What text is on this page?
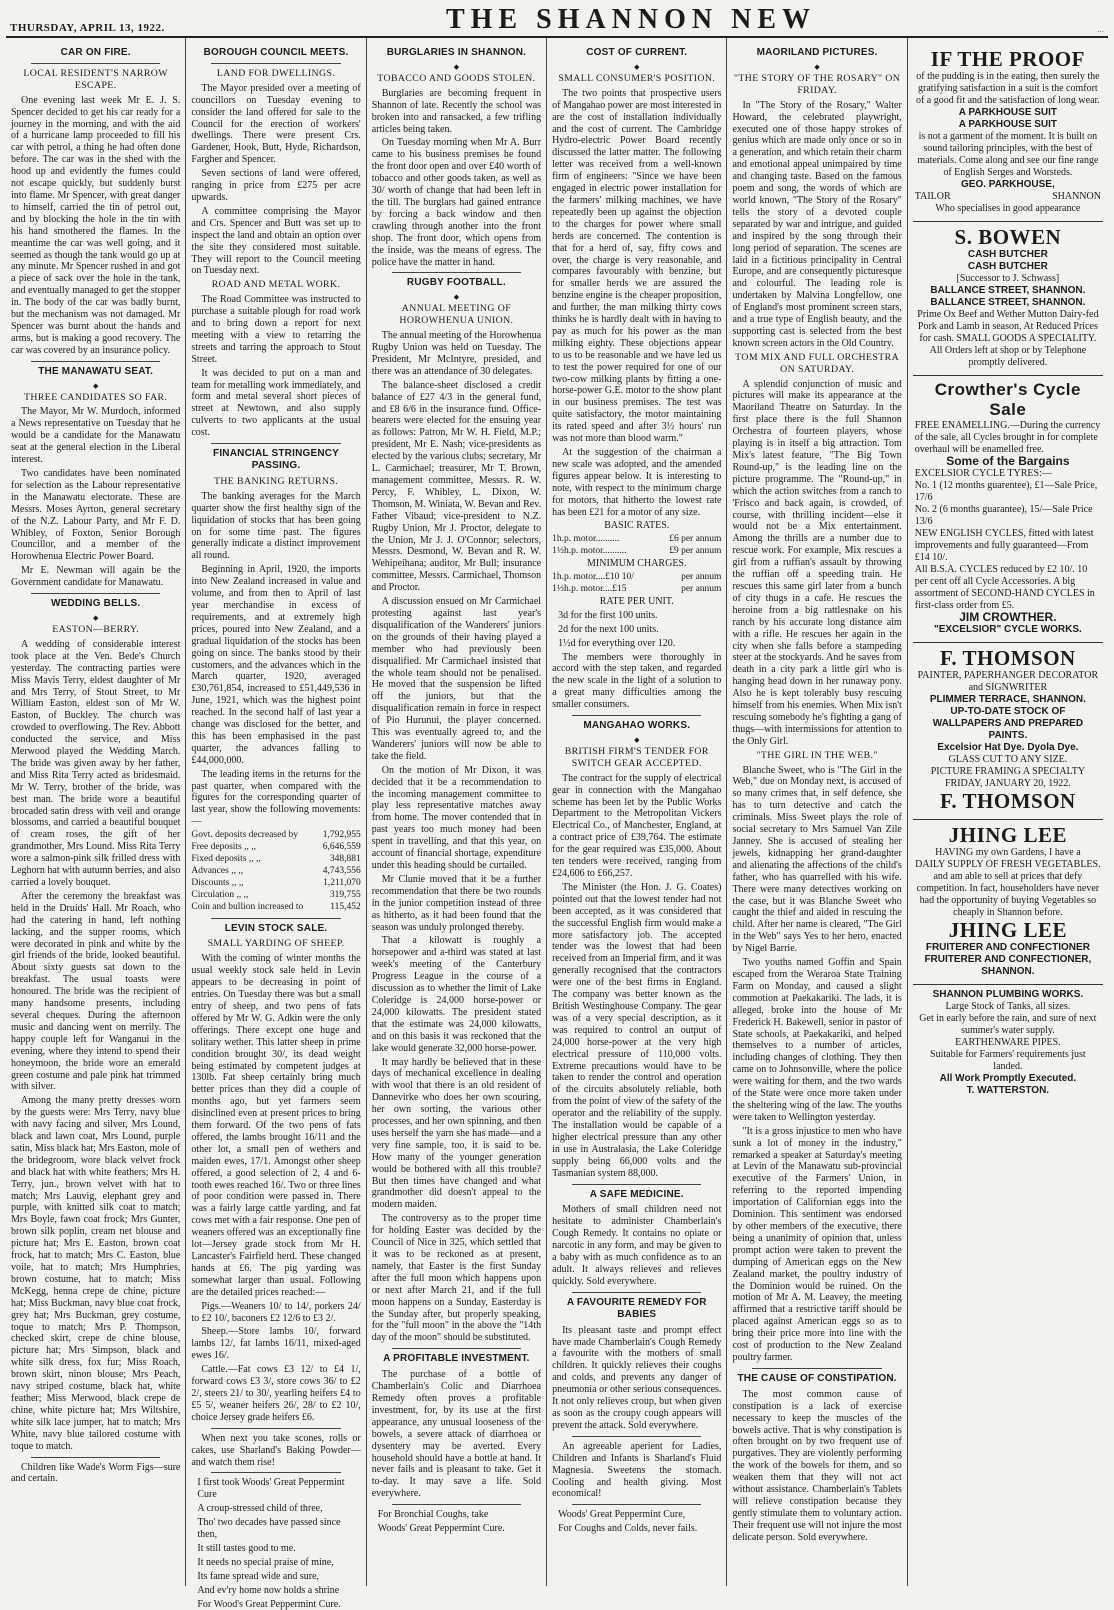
THURSDAY, APRIL 13, 1922.	THE SHANNON NEW	...
CAR ON FIRE.
LOCAL RESIDENT'S NARROW ESCAPE.

One evening last week Mr E. J. S. Spencer decided to get his car ready for a journey in the morning, and with the aid of a hurricane lamp proceeded to fill his car with petrol, a thing he had often done before. The car was in the shed with the hood up and evidently the fumes could not escape quickly, but suddenly burst into flame. Mr Spencer, with great danger to himself, carried the tin of petrol out, and by blocking the hole in the tin with his hand smothered the flames. In the meantime the car was well going, and it seemed as though the tank would go up at any minute. Mr Spencer rushed in and got a piece of sack over the hole in the tank, and eventually managed to get the stopper in. The body of the car was badly burnt, but the mechanism was not damaged. Mr Spencer was burnt about the hands and arms, but is making a good recovery. The car was covered by an insurance policy.

THE MANAWATU SEAT.
◆
THREE CANDIDATES SO FAR.

The Mayor, Mr W. Murdoch, informed a News representative on Tuesday that he would be a candidate for the Manawatu seat at the general election in the Liberal interest.

Two candidates have been nominated for selection as the Labour representative in the Manawatu electorate. These are Messrs. Moses Ayrton, general secretary of the N.Z. Labour Party, and Mr F. D. Whibley, of Foxton, Senior Borough Councillor, and a member of the Horowhenua Electric Power Board.

Mr E. Newman will again be the Government candidate for Manawatu.

WEDDING BELLS.
◆
EASTON—BERRY.

A wedding of considerable interest took place at the Ven. Bede's Church yesterday. The contracting parties were Miss Mavis Terry, eldest daughter of Mr and Mrs Terry, of Stout Street, to Mr William Easton, eldest son of Mr W. Easton, of Buckley. The church was crowded to overflowing. The Rev. Abbott conducted the service, and Miss Merwood played the Wedding March. The bride was given away by her father, and Miss Rita Terry acted as bridesmaid. Mr W. Terry, brother of the bride, was best man. The bride wore a beautiful brocaded satin dress with veil and orange blossoms, and carried a beautiful bouquet of cream roses, the gift of her grandmother, Mrs Lound. Miss Rita Terry wore a salmon-pink silk frilled dress with Leghorn hat with autumn berries, and also carried a lovely bouquet.

After the ceremony the breakfast was held in the Druids' Hall. Mr Roach, who had the catering in hand, left nothing lacking, and the supper rooms, which were decorated in pink and white by the girl friends of the bride, looked beautiful. About sixty guests sat down to the breakfast. The usual toasts were honoured. The bride was the recipient of many handsome presents, including several cheques. During the afternoon music and dancing went on merrily. The happy couple left for Wanganui in the evening, where they intend to spend their honeymoon, the bride wore an emerald green costume and pale pink hat trimmed with silver.

Among the many pretty dresses worn by the guests were: Mrs Terry, navy blue with navy facing and silver, Mrs Lound, black and lawn coat, Mrs Lound, purple satin, Miss black hat; Mrs Easton, mole of the bridegroom, wore black velvet frock and black hat with white feathers; Mrs H. Terry, jun., brown velvet with hat to match; Mrs Lauvig, elephant grey and purple, with knitted silk coat to match; Mrs Boyle, fawn coat frock; Mrs Gunter, brown silk poplin, cream net blouse and picture hat; Mrs E. Easton, brown coat frock, hat to match; Mrs C. Easton, blue voile, hat to match; Mrs Humphries, brown costume, hat to match; Miss McKegg, henna crepe de chine, picture hat; Miss Buckman, navy blue coat frock, grey hat; Mrs Buckman, grey costume, toque to match; Mrs P. Thompson, checked skirt, crepe de chine blouse, picture hat; Mrs Simpson, black and white silk dress, fox fur; Miss Roach, brown skirt, ninon blouse; Mrs Peach, navy striped costume, black hat, white feather; Miss Merwood, black crepe de chine, white picture hat; Mrs Wiltshire, white silk lace jumper, hat to match; Mrs White, navy blue tailored costume with toque to match.

Children like Wade's Worm Figs—sure and certain.

BOROUGH COUNCIL MEETS.
LAND FOR DWELLINGS.

The Mayor presided over a meeting of councillors on Tuesday evening to consider the land offered for sale to the Council for the erection of workers' dwellings. There were present Crs. Gardener, Hook, Butt, Hyde, Richardson, Fargher and Spencer.

Seven sections of land were offered, ranging in price from £275 per acre upwards.

A committee comprising the Mayor and Crs. Spencer and Butt was set up to inspect the land and obtain an option over the site they considered most suitable. They will report to the Council meeting on Tuesday next.

ROAD AND METAL WORK.

The Road Committee was instructed to purchase a suitable plough for road work and to bring down a report for next meeting with a view to retarring the streets and tarring the approach to Stout Street.

It was decided to put on a man and team for metalling work immediately, and form and metal several short pieces of street at Newtown, and also supply culverts to two applicants at the usual cost.

FINANCIAL STRINGENCY PASSING.
THE BANKING RETURNS.

The banking averages for the March quarter show the first healthy sign of the liquidation of stocks that has been going on for some time past. The figures generally indicate a distinct improvement all round.

Beginning in April, 1920, the imports into New Zealand increased in value and volume, and from then to April of last year merchandise in excess of requirements, and at extremely high prices, poured into New Zealand, and a gradual liquidation of the stocks has been going on since. The banks stood by their customers, and the advances which in the March quarter, 1920, averaged £30,761,854, increased to £51,449,536 in June, 1921, which was the highest point reached. In the second half of last year a change was disclosed for the better, and this has been emphasised in the past quarter, the advances falling to £44,000,000.

The leading items in the returns for the past quarter, when compared with the figures for the corresponding quarter of last year, show the following movements:—

Govt. deposits decreased by	1,792,955
Free deposits ,, ,,	6,646,559
Fixed deposits ,, ,,	348,881
Advances ,, ,,	4,743,556
Discounts ,, ,,	1,211,070
Circulation ,, ,,	319,755
Coin and bullion increased to	115,452
LEVIN STOCK SALE.
SMALL YARDING OF SHEEP.

With the coming of winter months the usual weekly stock sale held in Levin appears to be decreasing in point of entries. On Tuesday there was but a small entry of sheep, and two pens of fats offered by Mr W. G. Adkin were the only offerings. There except one huge and solitary wether. This latter sheep in prime condition brought 30/, its dead weight being estimated by competent judges at 130lb. Fat sheep certainly bring much better prices than they did a couple of months ago, but yet farmers seem disinclined even at present prices to bring them forward. Of the two pens of fats offered, the lambs brought 16/11 and the other lot, a small pen of wethers and maiden ewes, 17/1. Amongst other sheep offered, a good selection of 2, 4 and 6-tooth ewes reached 16/. Two or three lines of poor condition were passed in. There was a fairly large cattle yarding, and fat cows met with a fair response. One pen of weaners offered was an exceptionally fine lot—Jersey grade stock from Mr H. Lancaster's Fairfield herd. These changed hands at £6. The pig yarding was somewhat larger than usual. Following are the detailed prices reached:—

Pigs.—Weaners 10/ to 14/, porkers 24/ to £2 10/, baconers £2 12/6 to £3 2/.

Sheep.—Store lambs 10/, forward lambs 12/, fat lambs 16/11, mixed-aged ewes 16/.

Cattle.—Fat cows £3 12/ to £4 1/, forward cows £3 3/, store cows 36/ to £2 2/, steers 21/ to 30/, yearling heifers £4 to £5 5/, weaner heifers 26/, 28/ to £2 10/, choice Jersey grade heifers £6.

When next you take scones, rolls or cakes, use Sharland's Baking Powder—and watch them rise!

I first took Woods' Great Peppermint Cure

A croup-stressed child of three,

Tho' two decades have passed since then,

It still tastes good to me.

It needs no special praise of mine,

Its fame spread wide and sure,

And ev'ry home now holds a shrine

For Wood's Great Peppermint Cure.

BURGLARIES IN SHANNON.
◆
TOBACCO AND GOODS STOLEN.

Burglaries are becoming frequent in Shannon of late. Recently the school was broken into and ransacked, a few trifling articles being taken.

On Tuesday morning when Mr A. Burr came to his business premises he found the front door open and over £40 worth of tobacco and other goods taken, as well as 30/ worth of change that had been left in the till. The burglars had gained entrance by forcing a back window and then crawling through another into the front shop. The front door, which opens from the inside, was the means of egress. The police have the matter in hand.

RUGBY FOOTBALL.
◆
ANNUAL MEETING OF HOROWHENUA UNION.

The annual meeting of the Horowhenua Rugby Union was held on Tuesday. The President, Mr McIntyre, presided, and there was an attendance of 30 delegates.

The balance-sheet disclosed a credit balance of £27 4/3 in the general fund, and £8 6/6 in the insurance fund. Office-bearers were elected for the ensuing year as follows: Patron, Mr W. H. Field, M.P.; president, Mr E. Nash; vice-presidents as elected by the various clubs; secretary, Mr L. Carmichael; treasurer, Mr T. Brown, management committee, Messrs. R. W. Percy, F. Whibley, L. Dixon, W. Thomson, M. Winiata, W. Bevan and Rev. Father Vibaud; vice-president to N.Z. Rugby Union, Mr J. Proctor, delegate to the Union, Mr J. J. O'Connor; selectors, Messrs. Desmond, W. Bevan and R. W. Wehipeihana; auditor, Mr Bull; insurance committee, Messrs. Carmichael, Thomson and Proctor.

A discussion ensued on Mr Carmichael protesting against last year's disqualification of the Wanderers' juniors on the grounds of their having played a member who had previously been disqualified. Mr Carmichael insisted that the whole team should not be penalised. He moved that the suspension be lifted off the juniors, but that the disqualification remain in force in respect of Pio Hurunui, the player concerned. This was eventually agreed to, and the Wanderers' juniors will now be able to take the field.

On the motion of Mr Dixon, it was decided that it be a recommendation to the incoming management committee to play less representative matches away from home. The mover contended that in past years too much money had been spent in travelling, and that this year, on account of financial shortage, expenditure under this heading should be curtailed.

Mr Clunie moved that it be a further recommendation that there be two rounds in the junior competition instead of three as hitherto, as it had been found that the season was unduly prolonged thereby.

That a kilowatt is roughly a horsepower and a-third was stated at last week's meeting of the Canterbury Progress League in the course of a discussion as to whether the limit of Lake Coleridge is 24,000 horse-power or 24,000 kilowatts. The president stated that the estimate was 24,000 kilowatts, and on this basis it was reckoned that the lake would generate 32,000 horse-power.

It may hardly be believed that in these days of mechanical excellence in dealing with wool that there is an old resident of Dannevirke who does her own scouring, her own sorting, the various other processes, and her own spinning, and then uses herself the yarn she has made—and a very fine sample, too, it is said to be. How many of the younger generation would be bothered with all this trouble? But then times have changed and what grandmother did doesn't appeal to the modern maiden.

The controversy as to the proper time for holding Easter was decided by the Council of Nice in 325, which settled that it was to be reckoned as at present, namely, that Easter is the first Sunday after the full moon which happens upon or next after March 21, and if the full moon happens on a Sunday, Easterday is the Sunday after, but properly speaking, for the "full moon" in the above the "14th day of the moon" should be substituted.

A PROFITABLE INVESTMENT.

The purchase of a bottle of Chamberlain's Colic and Diarrhoea Remedy often proves a profitable investment, for, by its use at the first appearance, any unusual looseness of the bowels, a severe attack of diarrhoea or dysentery may be averted. Every household should have a bottle at hand. It never fails and is pleasant to take. Get it to-day. It may save a life. Sold everywhere.

For Bronchial Coughs, take

Woods' Great Peppermint Cure.

COST OF CURRENT.
◆
SMALL CONSUMER'S POSITION.

The two points that prospective users of Mangahao power are most interested in are the cost of installation individually and the cost of current. The Cambridge Hydro-electric Power Board recently discussed the latter matter. The following letter was received from a well-known firm of engineers: "Since we have been engaged in electric power installation for the farmers' milking machines, we have repeatedly been up against the objection to the charges for power where small herds are concerned. The contention is that for a herd of, say, fifty cows and over, the charge is very reasonable, and compares favourably with benzine, but for smaller herds we are assured the benzine engine is the cheaper proposition, and further, the man milking thirty cows thinks he is hardly dealt with in having to pay as much for his power as the man milking eighty. These objections appear to us to be reasonable and we have led us to test the power required for one of our two-cow milking plants by fitting a one-horse-power G.E. motor to the show plant in our business premises. The test was quite satisfactory, the motor maintaining its rated speed and after 3½ hours' run was not more than blood warm."

At the suggestion of the chairman a new scale was adopted, and the amended figures appear below. It is interesting to note, with respect to the minimum charge for motors, that hitherto the lowest rate has been £21 for a motor of any size.

BASIC RATES.

1h.p. motor..........	£6 per annum
1½h.p. motor..........	£9 per annum

MINIMUM CHARGES.

1h.p. motor....£10 10/	per annum
1½h.p. motor....£15	per annum

RATE PER UNIT.

3d for the first 100 units.

2d for the next 100 units.

1½d for everything over 120.

The members were thoroughly in accord with the step taken, and regarded the new scale in the light of a solution to a great many difficulties among the smaller consumers.

MANGAHAO WORKS.
◆
BRITISH FIRM'S TENDER FOR SWITCH GEAR ACCEPTED.

The contract for the supply of electrical gear in connection with the Mangahao scheme has been let by the Public Works Department to the Metropolitan Vickers Electrical Co., of Manchester, England, at a contract price of £39,764. The estimate for the gear required was £35,000. About ten tenders were received, ranging from £24,606 to £66,257.

The Minister (the Hon. J. G. Coates) pointed out that the lowest tender had not been accepted, as it was considered that the successful English firm would make a more satisfactory job. The accepted tender was the lowest that had been received from an Imperial firm, and it was generally recognised that the contractors were one of the best firms in England. The company was better known as the British Westinghouse Company. The gear was of a very special description, as it was required to control an output of 24,000 horse-power at the very high electrical pressure of 110,000 volts. Extreme precautions would have to be taken to render the control and operation of the circuits absolutely reliable, both from the point of view of the safety of the operator and the reliability of the supply. The installation would be capable of a higher electrical pressure than any other in use in Australasia, the Lake Coleridge supply being 66,000 volts and the Tasmanian system 88,000.

A SAFE MEDICINE.

Mothers of small children need not hesitate to administer Chamberlain's Cough Remedy. It contains no opiate or narcotic in any form, and may be given to a baby with as much confidence as to an adult. It always relieves and relieves quickly. Sold everywhere.

A FAVOURITE REMEDY FOR BABIES

Its pleasant taste and prompt effect have made Chamberlain's Cough Remedy a favourite with the mothers of small children. It quickly relieves their coughs and colds, and prevents any danger of pneumonia or other serious consequences. It not only relieves croup, but when given as soon as the croupy cough appears will prevent the attack. Sold everywhere.

An agreeable aperient for Ladies, Children and Infants is Sharland's Fluid Magnesia. Sweetens the stomach. Cooling and health giving. Most economical!

Woods' Great Peppermint Cure,

For Coughs and Colds, never fails.

MAORILAND PICTURES.
◆
"THE STORY OF THE ROSARY" ON FRIDAY.

In "The Story of the Rosary," Walter Howard, the celebrated playwright, executed one of those happy strokes of genius which are made only once or so in a generation, and which retain their charm and emotional appeal unimpaired by time and changing taste. Based on the famous poem and song, the words of which are world known, "The Story of the Rosary" tells the story of a devoted couple separated by war and intrigue, and guided and inspired by the song through their long period of separation. The scenes are laid in a fictitious principality in Central Europe, and are consequently picturesque and colourful. The leading role is undertaken by Malvina Longfellow, one of England's most prominent screen stars, and a true type of English beauty, and the supporting cast is selected from the best known screen actors in the Old Country.

TOM MIX AND FULL ORCHESTRA ON SATURDAY.

A splendid conjunction of music and pictures will make its appearance at the Maoriland Theatre on Saturday. In the first place there is the full Shannon Orchestra of fourteen players, whose playing is in itself a big attraction. Tom Mix's latest feature, "The Big Town Round-up," is the leading line on the picture programme. The "Round-up," in which the action switches from a ranch to 'Frisco and back again, is crowded, of course, with thrilling incident—else it would not be a Mix entertainment. Among the thrills are a number due to rescue work. For example, Mix rescues a girl from a ruffian's assault by throwing the ruffian off a speeding train. He rescues this same girl later from a bunch of city thugs in a cafe. He rescues the heroine from a big rattlesnake on his ranch by his accurate long distance aim with a rifle. He rescues her again in the city when she falls before a stampeding steer at the stockyards. And he saves from death in a city park a little girl who is hanging head down in her runaway pony. Also he is kept tolerably busy rescuing himself from his enemies. When Mix isn't rescuing somebody he's fighting a gang of thugs—with intermissions for attention to the Only Girl.

"THE GIRL IN THE WEB."

Blanche Sweet, who is "The Girl in the Web," due on Monday next, is accused of so many crimes that, in self defence, she has to turn detective and catch the criminals. Miss Sweet plays the role of social secretary to Mrs Samuel Van Zile Janney. She is accused of stealing her jewels, kidnapping her grand-daughter and alienating the affections of the child's father, who has quarrelled with his wife. There were many detectives working on the case, but it was Blanche Sweet who caught the thief and aided in rescuing the child. After her name is cleared, "The Girl in the Web" says Yes to her hero, enacted by Nigel Barrie.

Two youths named Goffin and Spain escaped from the Weraroa State Training Farm on Monday, and caused a slight commotion at Paekakariki. The lads, it is alleged, broke into the house of Mr Frederick H. Bakewell, senior in pastor of State schools, at Paekakariki, and helped themselves to a number of articles, including changes of clothing. They then came on to Johnsonville, where the police were waiting for them, and the two wards of the State were once more taken under the sheltering wing of the law. The youths were taken to Wellington yesterday.

"It is a gross injustice to men who have sunk a lot of money in the industry," remarked a speaker at Saturday's meeting at Levin of the Manawatu sub-provincial executive of the Farmers' Union, in referring to the reported impending importation of Californian eggs into the Dominion. This sentiment was endorsed by other members of the executive, there being a unanimity of opinion that, unless prompt action were taken to prevent the dumping of American eggs on the New Zealand market, the poultry industry of the Dominion would be ruined. On the motion of Mr A. M. Leavey, the meeting affirmed that a restrictive tariff should be placed against American eggs so as to bring their price more into line with the cost of production to the New Zealand poultry farmer.

THE CAUSE OF CONSTIPATION.

The most common cause of constipation is a lack of exercise necessary to keep the muscles of the bowels active. That is why constipation is often brought on by two frequent use of purgatives. They are violently performing the work of the bowels for them, and so weaken them that they will not act without assistance. Chamberlain's Tablets will relieve constipation because they gently stimulate them to voluntary action. Their frequent use will not injure the most delicate person. Sold everywhere.

IF THE PROOF
of the pudding is in the eating, then surely the gratifying satisfaction in a suit is the comfort of a good fit and the satisfaction of long wear.
A PARKHOUSE SUIT
A PARKHOUSE SUIT
is not a garment of the moment. It is built on sound tailoring principles, with the best of materials. Come along and see our fine range of English Serges and Worsteds.
GEO. PARKHOUSE,
TAILOR	SHANNON
Who specialises in good appearance
S. BOWEN
CASH BUTCHER
CASH BUTCHER
[Successor to J. Schwass]
BALLANCE STREET, SHANNON.
BALLANCE STREET, SHANNON.
Prime Ox Beef and Wether Mutton Dairy-fed Pork and Lamb in season, At Reduced Prices for cash. SMALL GOODS A SPECIALITY. All Orders left at shop or by Telephone promptly delivered.
Crowther's Cycle Sale
FREE ENAMELLING.—During the currency of the sale, all Cycles brought in for complete overhaul will be enamelled free.
Some of the Bargains
EXCELSIOR CYCLE TYRES:—
No. 1 (12 months guarentee), £1—Sale Price, 17/6
No. 2 (6 months guarantee), 15/—Sale Price 13/6
NEW ENGLISH CYCLES, fitted with latest improvements and fully guaranteed—From £14 10/.
All B.S.A. CYCLES reduced by £2 10/. 10 per cent off all Cycle Accessories. A big assortment of SECOND-HAND CYCLES in first-class order from £5.
JIM CROWTHER.
"EXCELSIOR" CYCLE WORKS.
F. THOMSON
PAINTER, PAPERHANGER DECORATOR and SIGNWRITER
PLIMMER TERRACE, SHANNON.
UP-TO-DATE STOCK OF WALLPAPERS AND PREPARED PAINTS.
Excelsior Hat Dye. Dyola Dye.
GLASS CUT TO ANY SIZE.
PICTURE FRAMING A SPECIALTY FRIDAY, JANUARY 20, 1922.
F. THOMSON
JHING LEE
HAVING my own Gardens, I have a
DAILY SUPPLY OF FRESH VEGETABLES.
and am able to sell at prices that defy competition. In fact, householders have never had the opportunity of buying Vegetables so cheaply in Shannon before.
JHING LEE
FRUITERER AND CONFECTIONER FRUITERER AND CONFECTIONER, SHANNON.
SHANNON PLUMBING WORKS.
Large Stock of Tanks, all sizes.
Get in early before the rain, and sure of next summer's water supply.
EARTHENWARE PIPES.
Suitable for Farmers' requirements just landed.
All Work Promptly Executed.
T. WATTERSTON.
